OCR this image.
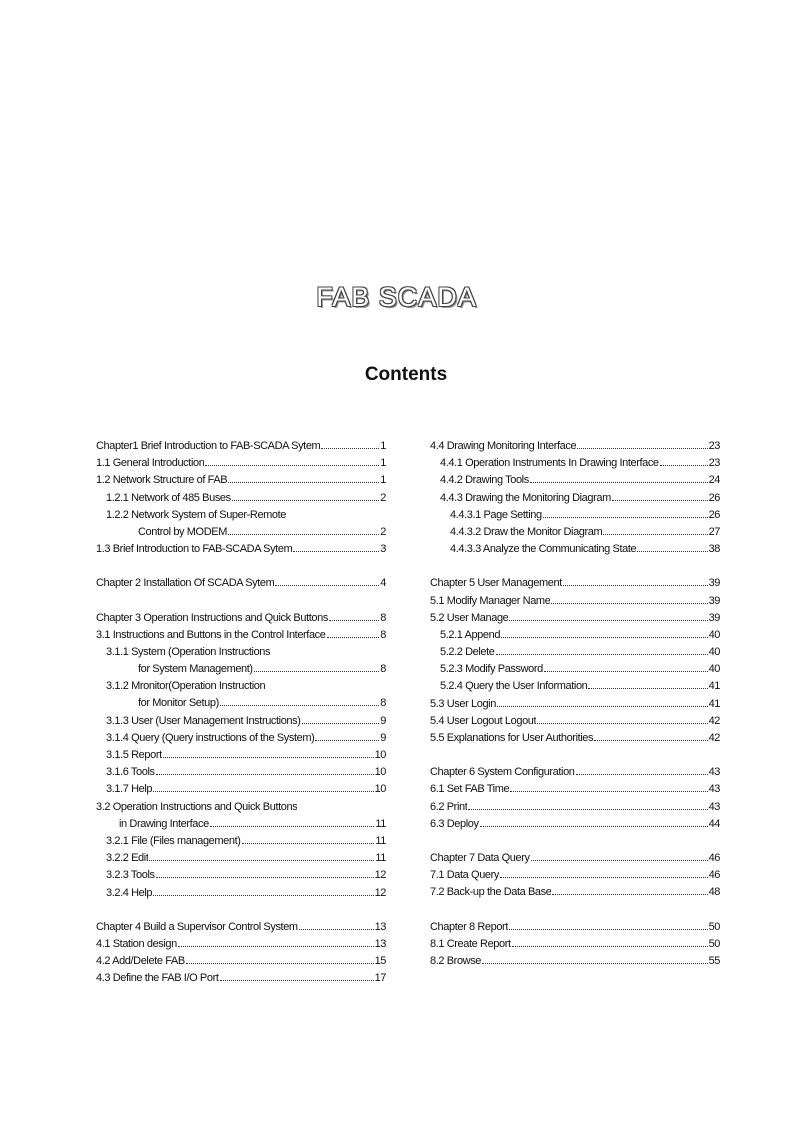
FAB SCADA
Contents
Chapter1 Brief Introduction to FAB-SCADA Sytem	1
1.1 General Introduction	1
1.2 Network Structure of FAB	1
1.2.1 Network of 485 Buses	2
1.2.2 Network System of Super-Remote
Control by MODEM	2
1.3 Brief Introduction to FAB-SCADA Sytem	3
Chapter 2 Installation Of SCADA Sytem	4
Chapter 3 Operation Instructions and Quick Buttons	8
3.1 Instructions and Buttons in the Control Interface	8
3.1.1 System (Operation Instructions
for System Management)	8
3.1.2 Mronitor(Operation Instruction
for Monitor Setup)	8
3.1.3 User (User Management Instructions)	9
3.1.4 Query (Query instructions of the System)	9
3.1.5 Report	10
3.1.6 Tools	10
3.1.7 Help	10
3.2 Operation Instructions and Quick Buttons
in Drawing Interface	11
3.2.1 File (Files management)	11
3.2.2 Edit	11
3.2.3 Tools	12
3.2.4 Help	12
Chapter 4 Build a Supervisor Control System	13
4.1 Station design	13
4.2 Add/Delete FAB	15
4.3 Define the FAB I/O Port	17
4.4 Drawing Monitoring Interface	23
4.4.1 Operation Instruments In Drawing Interface	23
4.4.2 Drawing Tools	24
4.4.3 Drawing the Monitoring Diagram	26
4.4.3.1 Page Setting	26
4.4.3.2 Draw the Monitor Diagram	27
4.4.3.3 Analyze the Communicating State	38
Chapter 5 User Management	39
5.1 Modify Manager Name	39
5.2 User Manage	39
5.2.1 Append	40
5.2.2 Delete	40
5.2.3 Modify Password	40
5.2.4 Query the User Information	41
5.3 User Login	41
5.4 User Logout Logout	42
5.5 Explanations for User Authorities	42
Chapter 6 System Configuration	43
6.1 Set FAB Time	43
6.2 Print	43
6.3 Deploy	44
Chapter 7 Data Query	46
7.1 Data Query	46
7.2 Back-up the Data Base	48
Chapter 8 Report	50
8.1 Create Report	50
8.2 Browse	55
